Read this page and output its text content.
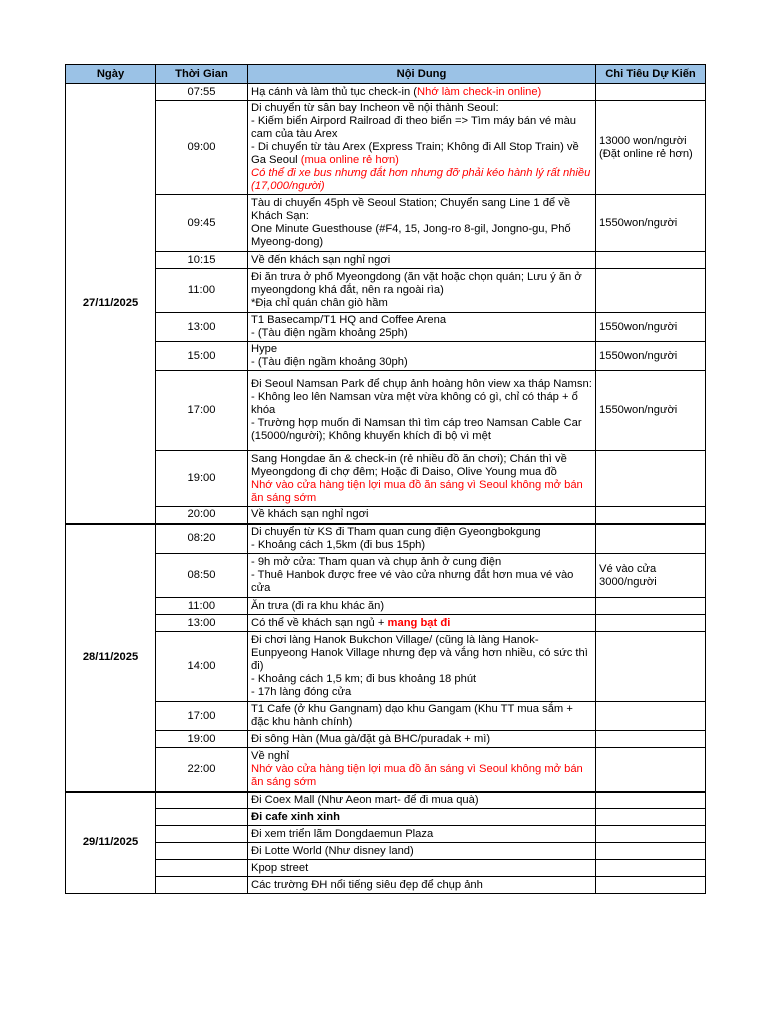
Ngày	Thời Gian	Nội Dung	Chi Tiêu Dự Kiến
27/11/2025	07:55	Hạ cánh và làm thủ tục check-in (Nhớ làm check-in online)	

	09:00	Di chuyển từ sân bay Incheon về nội thành Seoul:
- Kiếm biển Airpord Railroad đi theo biển => Tìm máy bán vé màu cam của tàu Arex
- Di chuyển từ tàu Arex (Express Train; Không đi All Stop Train) về Ga Seoul (mua online rẻ hơn)
Có thể đi xe bus nhưng đắt hơn nhưng đỡ phải kéo hành lý rất nhiều (17,000/người)	13000 won/người
(Đặt online rẻ hơn)

	09:45	Tàu di chuyển 45ph về Seoul Station; Chuyển sang Line 1 để về Khách Sạn:
One Minute Guesthouse (#F4, 15, Jong-ro 8-gil, Jongno-gu, Phố Myeong-dong)	1550won/người

	10:15	Về đến khách sạn nghỉ ngơi	

	11:00	Đi ăn trưa ở phố Myeongdong (ăn vặt hoặc chọn quán; Lưu ý ăn ở myeongdong khá đắt, nên ra ngoài rìa)
*Địa chỉ quán chân giò hầm	

	13:00	T1 Basecamp/T1 HQ and Coffee Arena
- (Tàu điện ngầm khoảng 25ph)	1550won/người

	15:00	Hype
- (Tàu điện ngầm khoảng 30ph)	1550won/người

	17:00	Đi Seoul Namsan Park để chụp ảnh hoàng hôn view xa tháp Namsn:
- Không leo lên Namsan vừa mệt vừa không có gì, chỉ có tháp + ổ khóa
- Trường hợp muốn đi Namsan thì tìm cáp treo Namsan Cable Car (15000/người); Không khuyến khích đi bộ vì mệt	1550won/người

	19:00	Sang Hongdae ăn & check-in (rẻ nhiều đồ ăn chơi); Chán thì về Myeongdong đi chợ đêm; Hoặc đi Daiso, Olive Young mua đồ
Nhớ vào cửa hàng tiện lợi mua đồ ăn sáng vì Seoul không mở bán ăn sáng sớm	

	20:00	Về khách sạn nghỉ ngơi	

28/11/2025	08:20	Di chuyển từ KS đi Tham quan cung điện Gyeongbokgung
- Khoảng cách 1,5km (đi bus 15ph)	

	08:50	- 9h mở cửa: Tham quan và chụp ảnh ở cung điện
- Thuê Hanbok được free vé vào cửa nhưng đắt hơn mua vé vào cửa	Vé vào cửa
3000/người

	11:00	Ăn trưa (đi ra khu khác ăn)	

	13:00	Có thể về khách sạn ngủ + mang bạt đi	

	14:00	Đi chơi làng Hanok Bukchon Village/ (cũng là làng Hanok-Eunpyeong Hanok Village nhưng đẹp và vắng hơn nhiều, có sức thì đi)
- Khoảng cách 1,5 km; đi bus khoảng 18 phút
- 17h làng đóng cửa	

	17:00	T1 Cafe (ở khu Gangnam) dạo khu Gangam (Khu TT mua sắm + đặc khu hành chính)	

	19:00	Đi sông Hàn (Mua gà/đặt gà BHC/puradak + mì)	

	22:00	Về nghỉ
Nhớ vào cửa hàng tiện lợi mua đồ ăn sáng vì Seoul không mở bán ăn sáng sớm	

29/11/2025		Đi Coex Mall (Như Aeon mart- để đi mua quà)	

		Đi cafe xinh xinh	

		Đi xem triển lãm Dongdaemun Plaza	

		Đi Lotte World (Như disney land)	

		Kpop street	

		Các trường ĐH nổi tiếng siêu đẹp để chụp ảnh	
